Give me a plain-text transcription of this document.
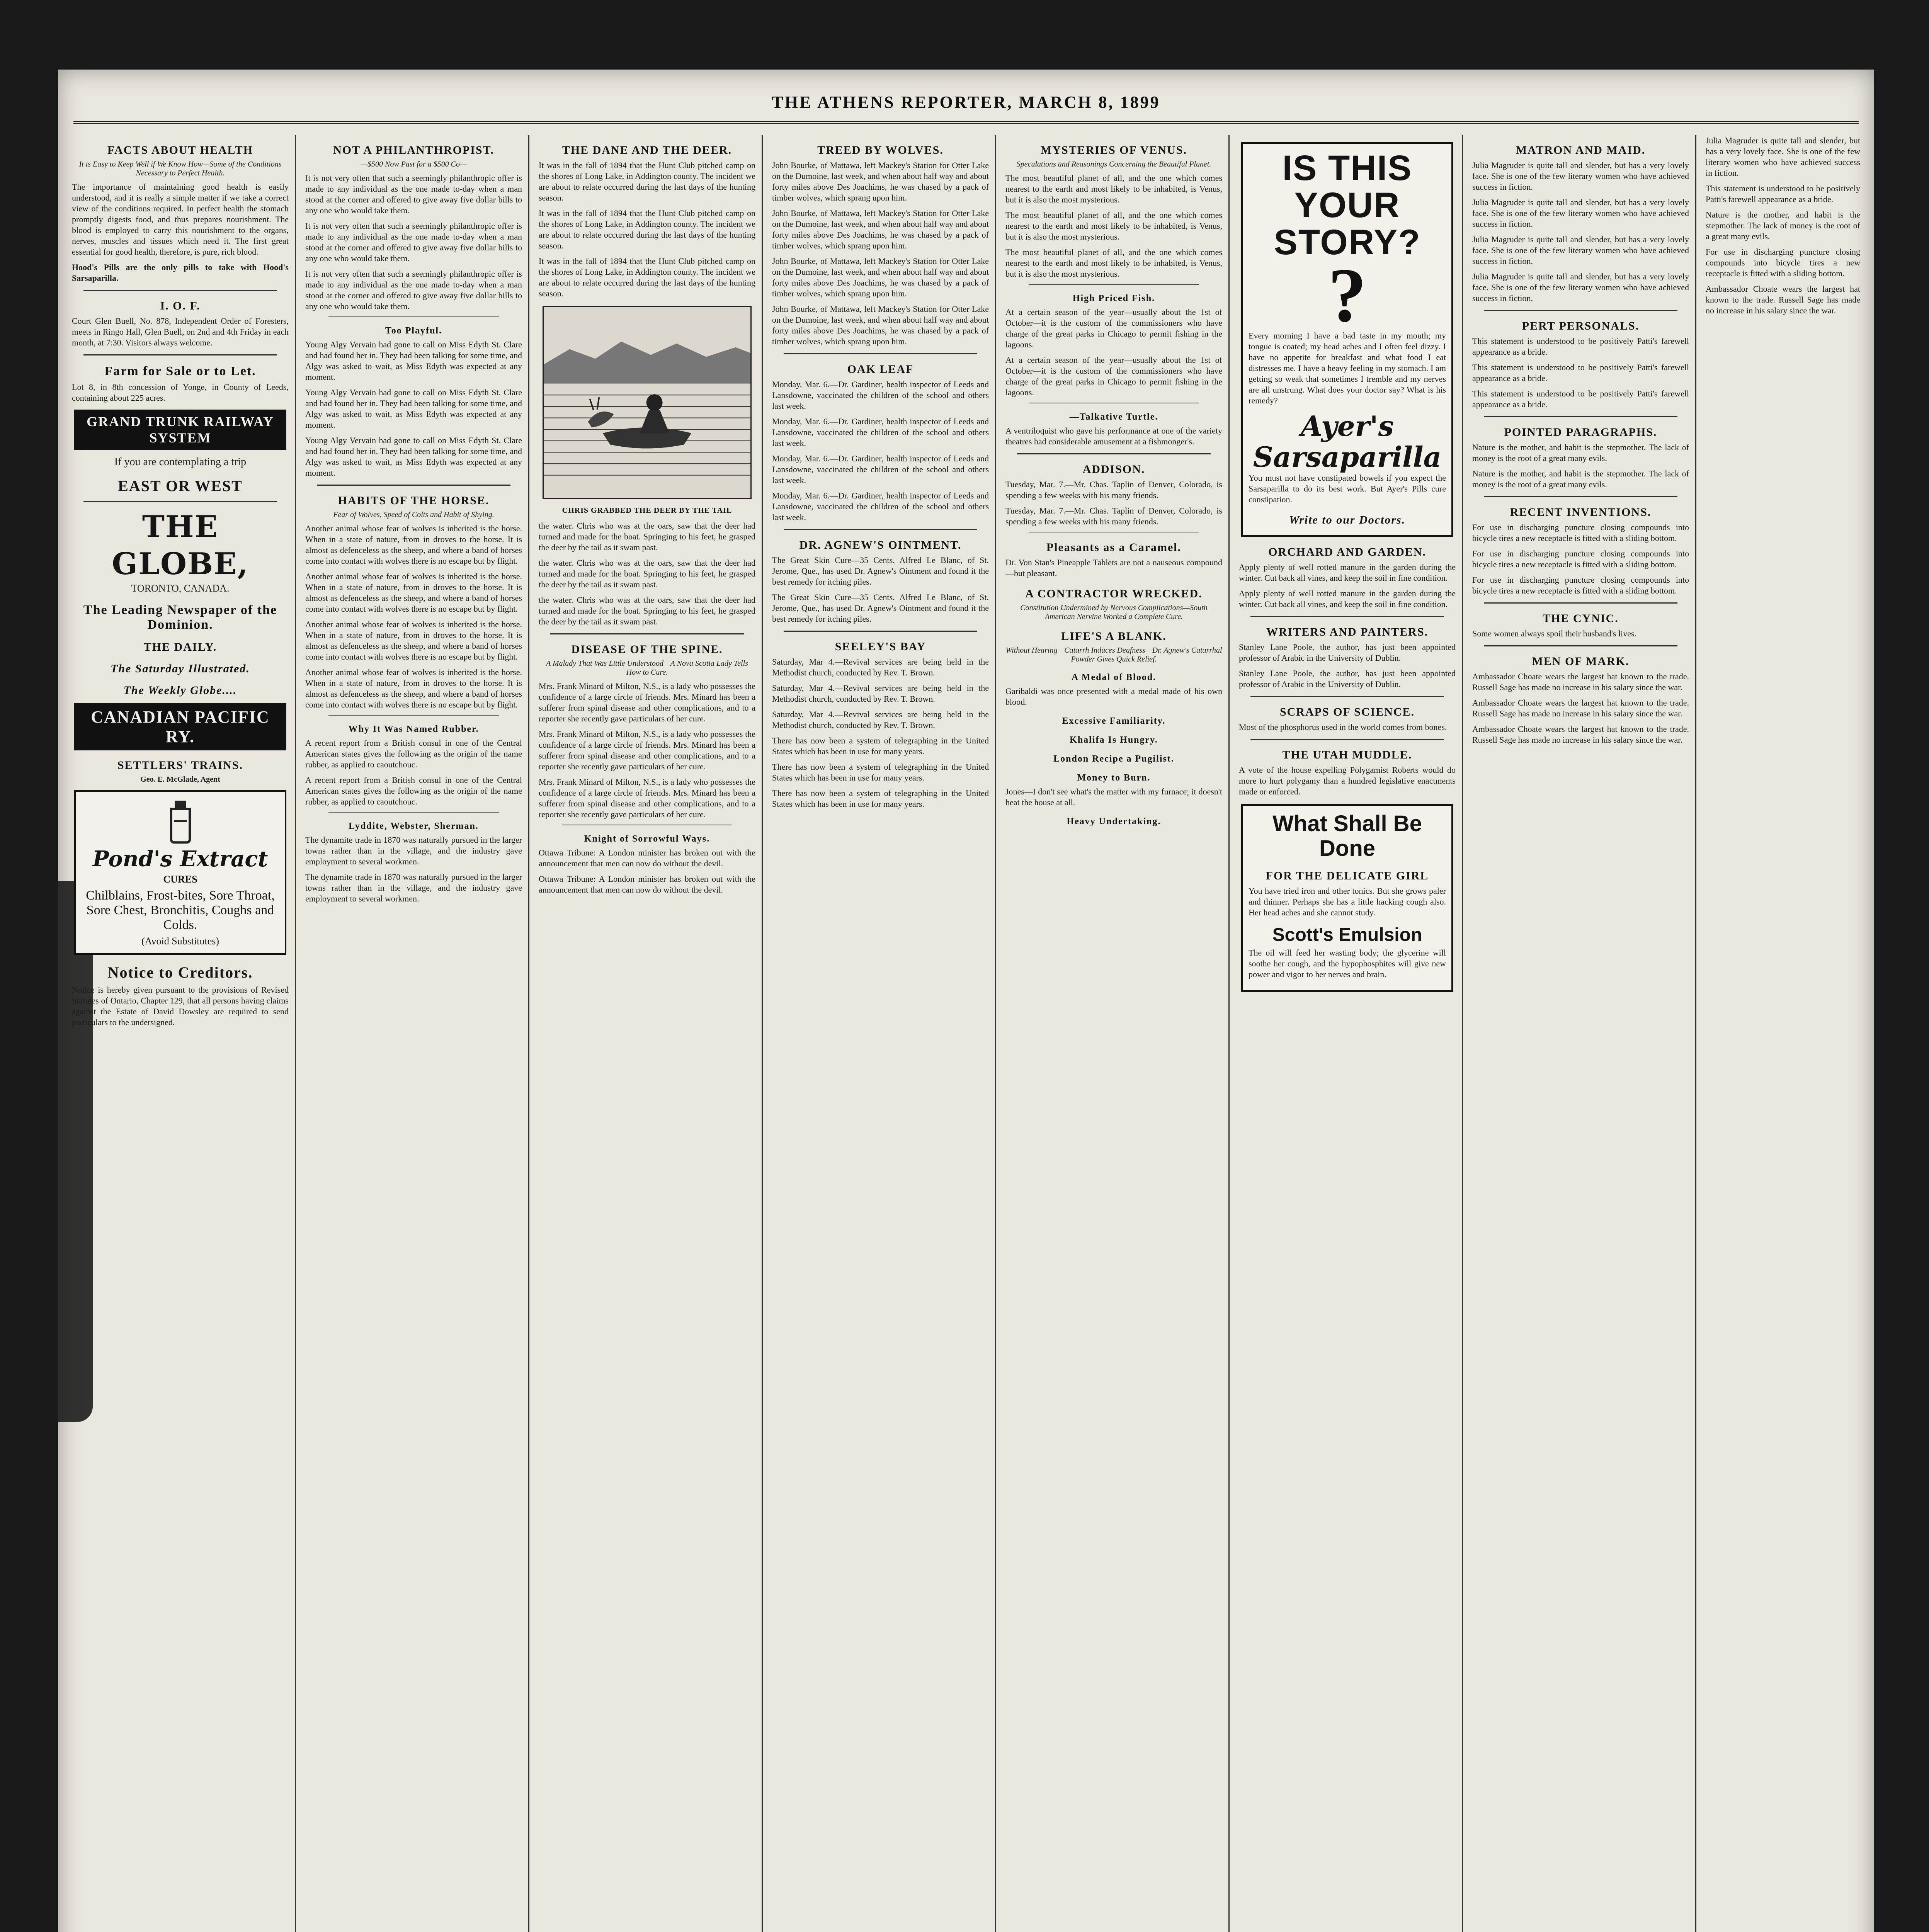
THE ATHENS REPORTER, MARCH 8, 1899
FACTS ABOUT HEALTH
It is Easy to Keep Well if We Know How—Some of the Conditions Necessary to Perfect Health.
The importance of maintaining good health is easily understood, and it is really a simple matter if we take a correct view of the conditions required. In perfect health the stomach promptly digests food, and thus prepares nourishment. The blood is employed to carry this nourishment to the organs, nerves, muscles and tissues which need it. The first great essential for good health, therefore, is pure, rich blood.
Hood's Pills are the only pills to take with Hood's Sarsaparilla.
I. O. F.
Court Glen Buell, No. 878, Independent Order of Foresters, meets in Ringo Hall, Glen Buell, on 2nd and 4th Friday in each month, at 7:30. Visitors always welcome.
Farm for Sale or to Let.
Lot 8, in 8th concession of Yonge, in County of Leeds, containing about 225 acres.
GRAND TRUNK RAILWAY SYSTEM
If you are contemplating a trip
EAST OR WEST
THE GLOBE,
TORONTO, CANADA.
The Leading Newspaper of the Dominion.
THE DAILY.
The Saturday Illustrated.
The Weekly Globe....
CANADIAN PACIFIC RY.
SETTLERS' TRAINS.
Geo. E. McGlade, Agent
Pond's Extract
CURES
Chilblains, Frost-bites, Sore Throat, Sore Chest, Bronchitis, Coughs and Colds.
(Avoid Substitutes)
Notice to Creditors.
Notice is hereby given pursuant to the provisions of Revised Statutes of Ontario, Chapter 129, that all persons having claims against the Estate of David Dowsley are required to send particulars to the undersigned.
NOT A PHILANTHROPIST.
—$500 Now Past for a $500 Co—
It is not very often that such a seemingly philanthropic offer is made to any individual as the one made to-day when a man stood at the corner and offered to give away five dollar bills to any one who would take them.
It is not very often that such a seemingly philanthropic offer is made to any individual as the one made to-day when a man stood at the corner and offered to give away five dollar bills to any one who would take them.
It is not very often that such a seemingly philanthropic offer is made to any individual as the one made to-day when a man stood at the corner and offered to give away five dollar bills to any one who would take them.
Too Playful.
Young Algy Vervain had gone to call on Miss Edyth St. Clare and had found her in. They had been talking for some time, and Algy was asked to wait, as Miss Edyth was expected at any moment.
Young Algy Vervain had gone to call on Miss Edyth St. Clare and had found her in. They had been talking for some time, and Algy was asked to wait, as Miss Edyth was expected at any moment.
Young Algy Vervain had gone to call on Miss Edyth St. Clare and had found her in. They had been talking for some time, and Algy was asked to wait, as Miss Edyth was expected at any moment.
HABITS OF THE HORSE.
Fear of Wolves, Speed of Colts and Habit of Shying.
Another animal whose fear of wolves is inherited is the horse. When in a state of nature, from in droves to the horse. It is almost as defenceless as the sheep, and where a band of horses come into contact with wolves there is no escape but by flight.
Another animal whose fear of wolves is inherited is the horse. When in a state of nature, from in droves to the horse. It is almost as defenceless as the sheep, and where a band of horses come into contact with wolves there is no escape but by flight.
Another animal whose fear of wolves is inherited is the horse. When in a state of nature, from in droves to the horse. It is almost as defenceless as the sheep, and where a band of horses come into contact with wolves there is no escape but by flight.
Another animal whose fear of wolves is inherited is the horse. When in a state of nature, from in droves to the horse. It is almost as defenceless as the sheep, and where a band of horses come into contact with wolves there is no escape but by flight.
Why It Was Named Rubber.
A recent report from a British consul in one of the Central American states gives the following as the origin of the name rubber, as applied to caoutchouc.
A recent report from a British consul in one of the Central American states gives the following as the origin of the name rubber, as applied to caoutchouc.
Lyddite, Webster, Sherman.
The dynamite trade in 1870 was naturally pursued in the larger towns rather than in the village, and the industry gave employment to several workmen.
The dynamite trade in 1870 was naturally pursued in the larger towns rather than in the village, and the industry gave employment to several workmen.
THE DANE AND THE DEER.
It was in the fall of 1894 that the Hunt Club pitched camp on the shores of Long Lake, in Addington county. The incident we are about to relate occurred during the last days of the hunting season.
It was in the fall of 1894 that the Hunt Club pitched camp on the shores of Long Lake, in Addington county. The incident we are about to relate occurred during the last days of the hunting season.
It was in the fall of 1894 that the Hunt Club pitched camp on the shores of Long Lake, in Addington county. The incident we are about to relate occurred during the last days of the hunting season.
CHRIS GRABBED THE DEER BY THE TAIL
the water. Chris who was at the oars, saw that the deer had turned and made for the boat. Springing to his feet, he grasped the deer by the tail as it swam past.
the water. Chris who was at the oars, saw that the deer had turned and made for the boat. Springing to his feet, he grasped the deer by the tail as it swam past.
the water. Chris who was at the oars, saw that the deer had turned and made for the boat. Springing to his feet, he grasped the deer by the tail as it swam past.
DISEASE OF THE SPINE.
A Malady That Was Little Understood—A Nova Scotia Lady Tells How to Cure.
Mrs. Frank Minard of Milton, N.S., is a lady who possesses the confidence of a large circle of friends. Mrs. Minard has been a sufferer from spinal disease and other complications, and to a reporter she recently gave particulars of her cure.
Mrs. Frank Minard of Milton, N.S., is a lady who possesses the confidence of a large circle of friends. Mrs. Minard has been a sufferer from spinal disease and other complications, and to a reporter she recently gave particulars of her cure.
Mrs. Frank Minard of Milton, N.S., is a lady who possesses the confidence of a large circle of friends. Mrs. Minard has been a sufferer from spinal disease and other complications, and to a reporter she recently gave particulars of her cure.
Knight of Sorrowful Ways.
Ottawa Tribune: A London minister has broken out with the announcement that men can now do without the devil.
Ottawa Tribune: A London minister has broken out with the announcement that men can now do without the devil.
TREED BY WOLVES.
John Bourke, of Mattawa, left Mackey's Station for Otter Lake on the Dumoine, last week, and when about half way and about forty miles above Des Joachims, he was chased by a pack of timber wolves, which sprang upon him.
John Bourke, of Mattawa, left Mackey's Station for Otter Lake on the Dumoine, last week, and when about half way and about forty miles above Des Joachims, he was chased by a pack of timber wolves, which sprang upon him.
John Bourke, of Mattawa, left Mackey's Station for Otter Lake on the Dumoine, last week, and when about half way and about forty miles above Des Joachims, he was chased by a pack of timber wolves, which sprang upon him.
John Bourke, of Mattawa, left Mackey's Station for Otter Lake on the Dumoine, last week, and when about half way and about forty miles above Des Joachims, he was chased by a pack of timber wolves, which sprang upon him.
OAK LEAF
Monday, Mar. 6.—Dr. Gardiner, health inspector of Leeds and Lansdowne, vaccinated the children of the school and others last week.
Monday, Mar. 6.—Dr. Gardiner, health inspector of Leeds and Lansdowne, vaccinated the children of the school and others last week.
Monday, Mar. 6.—Dr. Gardiner, health inspector of Leeds and Lansdowne, vaccinated the children of the school and others last week.
Monday, Mar. 6.—Dr. Gardiner, health inspector of Leeds and Lansdowne, vaccinated the children of the school and others last week.
DR. AGNEW'S OINTMENT.
The Great Skin Cure—35 Cents. Alfred Le Blanc, of St. Jerome, Que., has used Dr. Agnew's Ointment and found it the best remedy for itching piles.
The Great Skin Cure—35 Cents. Alfred Le Blanc, of St. Jerome, Que., has used Dr. Agnew's Ointment and found it the best remedy for itching piles.
SEELEY'S BAY
Saturday, Mar 4.—Revival services are being held in the Methodist church, conducted by Rev. T. Brown.
Saturday, Mar 4.—Revival services are being held in the Methodist church, conducted by Rev. T. Brown.
Saturday, Mar 4.—Revival services are being held in the Methodist church, conducted by Rev. T. Brown.
There has now been a system of telegraphing in the United States which has been in use for many years.
There has now been a system of telegraphing in the United States which has been in use for many years.
There has now been a system of telegraphing in the United States which has been in use for many years.
MYSTERIES OF VENUS.
Speculations and Reasonings Concerning the Beautiful Planet.
The most beautiful planet of all, and the one which comes nearest to the earth and most likely to be inhabited, is Venus, but it is also the most mysterious.
The most beautiful planet of all, and the one which comes nearest to the earth and most likely to be inhabited, is Venus, but it is also the most mysterious.
The most beautiful planet of all, and the one which comes nearest to the earth and most likely to be inhabited, is Venus, but it is also the most mysterious.
High Priced Fish.
At a certain season of the year—usually about the 1st of October—it is the custom of the commissioners who have charge of the great parks in Chicago to permit fishing in the lagoons.
At a certain season of the year—usually about the 1st of October—it is the custom of the commissioners who have charge of the great parks in Chicago to permit fishing in the lagoons.
—Talkative Turtle.
A ventriloquist who gave his performance at one of the variety theatres had considerable amusement at a fishmonger's.
ADDISON.
Tuesday, Mar. 7.—Mr. Chas. Taplin of Denver, Colorado, is spending a few weeks with his many friends.
Tuesday, Mar. 7.—Mr. Chas. Taplin of Denver, Colorado, is spending a few weeks with his many friends.
Pleasants as a Caramel.
Dr. Von Stan's Pineapple Tablets are not a nauseous compound—but pleasant.
A CONTRACTOR WRECKED.
Constitution Undermined by Nervous Complications—South American Nervine Worked a Complete Cure.
LIFE'S A BLANK.
Without Hearing—Catarrh Induces Deafness—Dr. Agnew's Catarrhal Powder Gives Quick Relief.
A Medal of Blood.
Garibaldi was once presented with a medal made of his own blood.
Excessive Familiarity.
Khalifa Is Hungry.
London Recipe a Pugilist.
Money to Burn.
Jones—I don't see what's the matter with my furnace; it doesn't heat the house at all.
Heavy Undertaking.
IS THIS YOUR STORY?
?
Every morning I have a bad taste in my mouth; my tongue is coated; my head aches and I often feel dizzy. I have no appetite for breakfast and what food I eat distresses me. I have a heavy feeling in my stomach. I am getting so weak that sometimes I tremble and my nerves are all unstrung. What does your doctor say? What is his remedy?
Ayer's Sarsaparilla
You must not have constipated bowels if you expect the Sarsaparilla to do its best work. But Ayer's Pills cure constipation.
Write to our Doctors.
ORCHARD AND GARDEN.
Apply plenty of well rotted manure in the garden during the winter. Cut back all vines, and keep the soil in fine condition.
Apply plenty of well rotted manure in the garden during the winter. Cut back all vines, and keep the soil in fine condition.
WRITERS AND PAINTERS.
Stanley Lane Poole, the author, has just been appointed professor of Arabic in the University of Dublin.
Stanley Lane Poole, the author, has just been appointed professor of Arabic in the University of Dublin.
SCRAPS OF SCIENCE.
Most of the phosphorus used in the world comes from bones.
THE UTAH MUDDLE.
A vote of the house expelling Polygamist Roberts would do more to hurt polygamy than a hundred legislative enactments made or enforced.
What Shall Be Done
FOR THE DELICATE GIRL
You have tried iron and other tonics. But she grows paler and thinner. Perhaps she has a little hacking cough also. Her head aches and she cannot study.
Scott's Emulsion
The oil will feed her wasting body; the glycerine will soothe her cough, and the hypophosphites will give new power and vigor to her nerves and brain.
MATRON AND MAID.
Julia Magruder is quite tall and slender, but has a very lovely face. She is one of the few literary women who have achieved success in fiction.
Julia Magruder is quite tall and slender, but has a very lovely face. She is one of the few literary women who have achieved success in fiction.
Julia Magruder is quite tall and slender, but has a very lovely face. She is one of the few literary women who have achieved success in fiction.
Julia Magruder is quite tall and slender, but has a very lovely face. She is one of the few literary women who have achieved success in fiction.
PERT PERSONALS.
This statement is understood to be positively Patti's farewell appearance as a bride.
This statement is understood to be positively Patti's farewell appearance as a bride.
This statement is understood to be positively Patti's farewell appearance as a bride.
POINTED PARAGRAPHS.
Nature is the mother, and habit is the stepmother. The lack of money is the root of a great many evils.
Nature is the mother, and habit is the stepmother. The lack of money is the root of a great many evils.
RECENT INVENTIONS.
For use in discharging puncture closing compounds into bicycle tires a new receptacle is fitted with a sliding bottom.
For use in discharging puncture closing compounds into bicycle tires a new receptacle is fitted with a sliding bottom.
For use in discharging puncture closing compounds into bicycle tires a new receptacle is fitted with a sliding bottom.
THE CYNIC.
Some women always spoil their husband's lives.
MEN OF MARK.
Ambassador Choate wears the largest hat known to the trade. Russell Sage has made no increase in his salary since the war.
Ambassador Choate wears the largest hat known to the trade. Russell Sage has made no increase in his salary since the war.
Ambassador Choate wears the largest hat known to the trade. Russell Sage has made no increase in his salary since the war.
Julia Magruder is quite tall and slender, but has a very lovely face. She is one of the few literary women who have achieved success in fiction.
This statement is understood to be positively Patti's farewell appearance as a bride.
Nature is the mother, and habit is the stepmother. The lack of money is the root of a great many evils.
For use in discharging puncture closing compounds into bicycle tires a new receptacle is fitted with a sliding bottom.
Ambassador Choate wears the largest hat known to the trade. Russell Sage has made no increase in his salary since the war.
